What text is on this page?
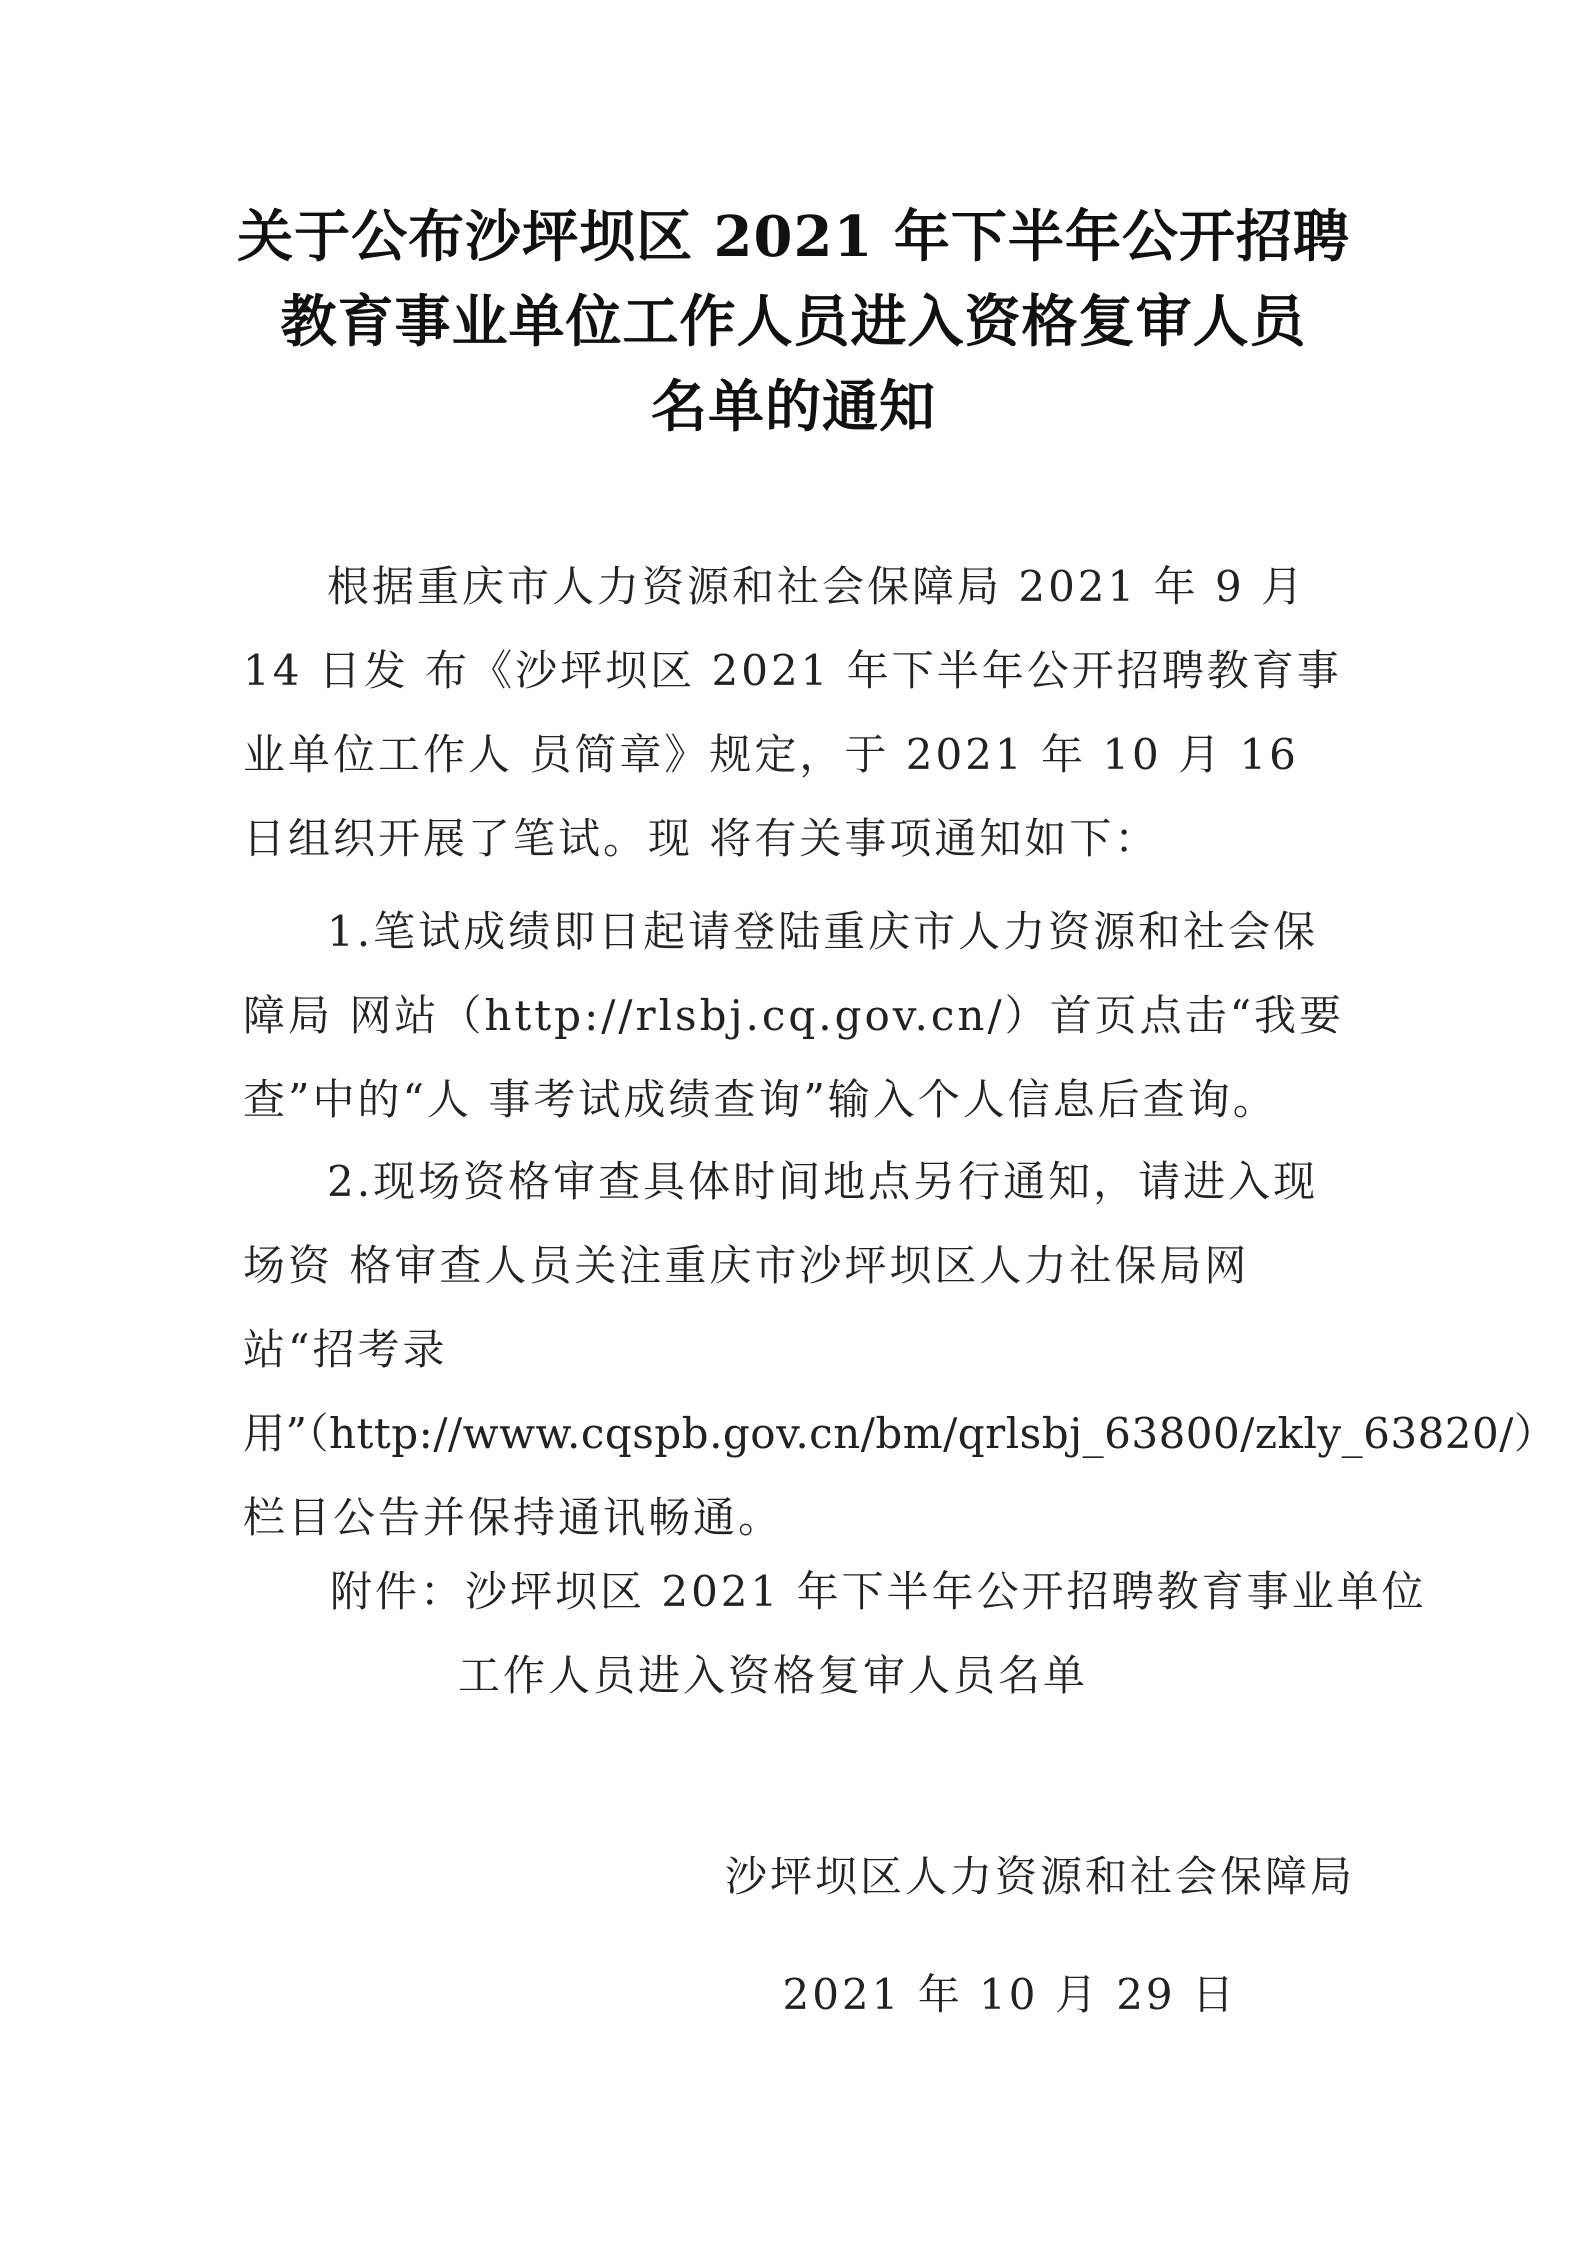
关于公布沙坪坝区 2021 年下半年公开招聘
教育事业单位工作人员进入资格复审人员
名单的通知
根据重庆市人力资源和社会保障局 2021 年 9 月 14 日发 布《沙坪坝区 2021 年下半年公开招聘教育事业单位工作人 员简章》规定，于 2021 年 10 月 16 日组织开展了笔试。现 将有关事项通知如下：
1.笔试成绩即日起请登陆重庆市人力资源和社会保障局 网站（http://rlsbj.cq.gov.cn/）首页点击“我要查”中的“人 事考试成绩查询”输入个人信息后查询。
2.现场资格审查具体时间地点另行通知，请进入现场资 格审查人员关注重庆市沙坪坝区人力社保局网站“招考录 用”（http://www.cqspb.gov.cn/bm/qrlsbj_63800/zkly_63820/） 栏目公告并保持通讯畅通。
附件：沙坪坝区 2021 年下半年公开招聘教育事业单位
工作人员进入资格复审人员名单
沙坪坝区人力资源和社会保障局
2021 年 10 月 29 日
